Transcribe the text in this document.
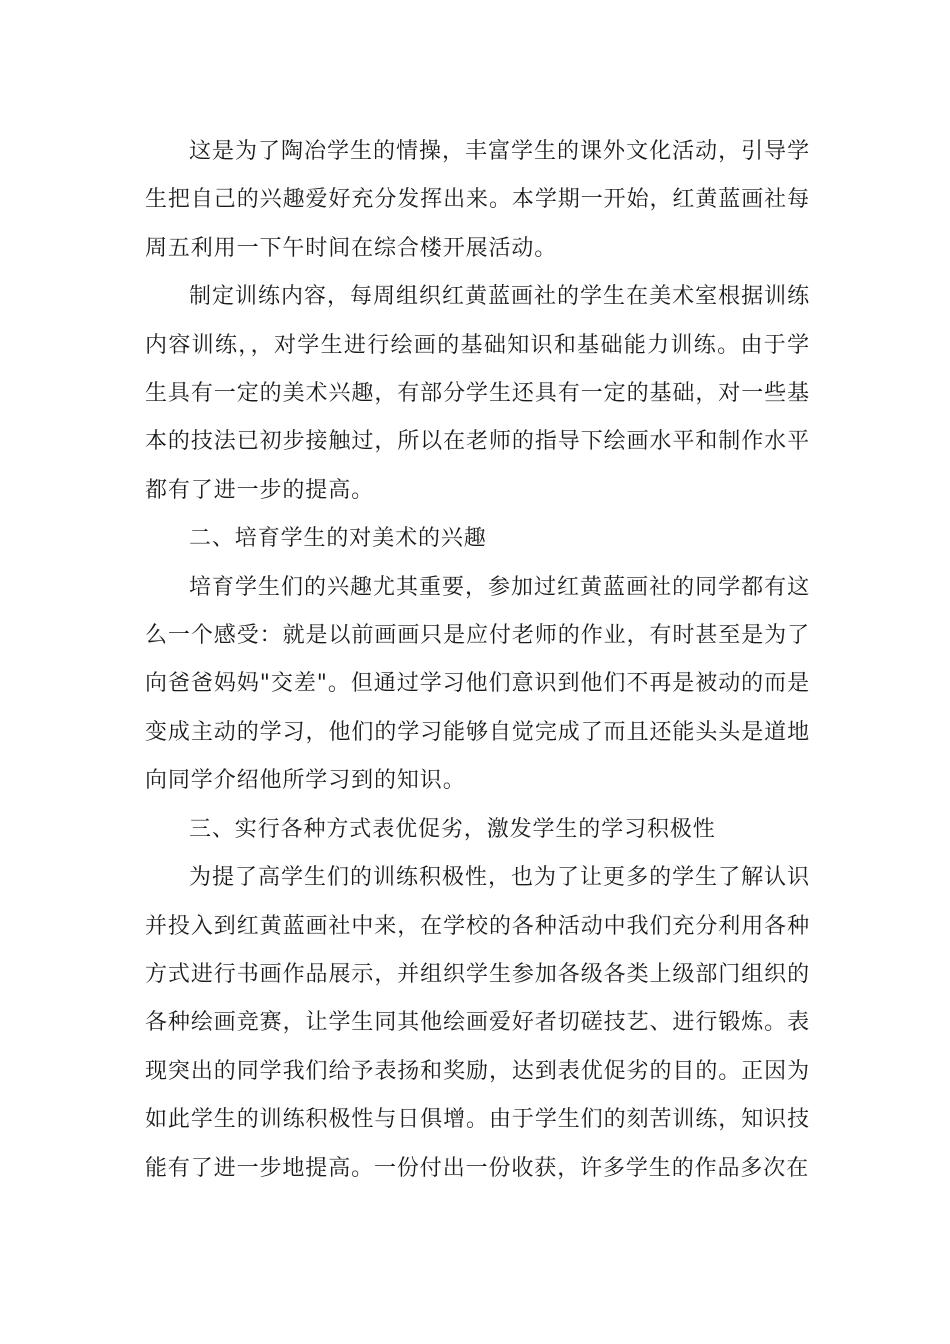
这是为了陶冶学生的情操，丰富学生的课外文化活动，引导学生把自己的兴趣爱好充分发挥出来。本学期一开始，红黄蓝画社每周五利用一下午时间在综合楼开展活动。

制定训练内容，每周组织红黄蓝画社的学生在美术室根据训练内容训练，，对学生进行绘画的基础知识和基础能力训练。由于学生具有一定的美术兴趣，有部分学生还具有一定的基础，对一些基本的技法已初步接触过，所以在老师的指导下绘画水平和制作水平都有了进一步的提高。

二、培育学生的对美术的兴趣

培育学生们的兴趣尤其重要，参加过红黄蓝画社的同学都有这么一个感受：就是以前画画只是应付老师的作业，有时甚至是为了向爸爸妈妈"交差"。但通过学习他们意识到他们不再是被动的而是变成主动的学习，他们的学习能够自觉完成了而且还能头头是道地向同学介绍他所学习到的知识。

三、实行各种方式表优促劣，激发学生的学习积极性

为提了高学生们的训练积极性，也为了让更多的学生了解认识并投入到红黄蓝画社中来，在学校的各种活动中我们充分利用各种方式进行书画作品展示，并组织学生参加各级各类上级部门组织的各种绘画竞赛，让学生同其他绘画爱好者切磋技艺、进行锻炼。表现突出的同学我们给予表扬和奖励，达到表优促劣的目的。正因为如此学生的训练积极性与日俱增。由于学生们的刻苦训练，知识技能有了进一步地提高。一份付出一份收获，许多学生的作品多次在
